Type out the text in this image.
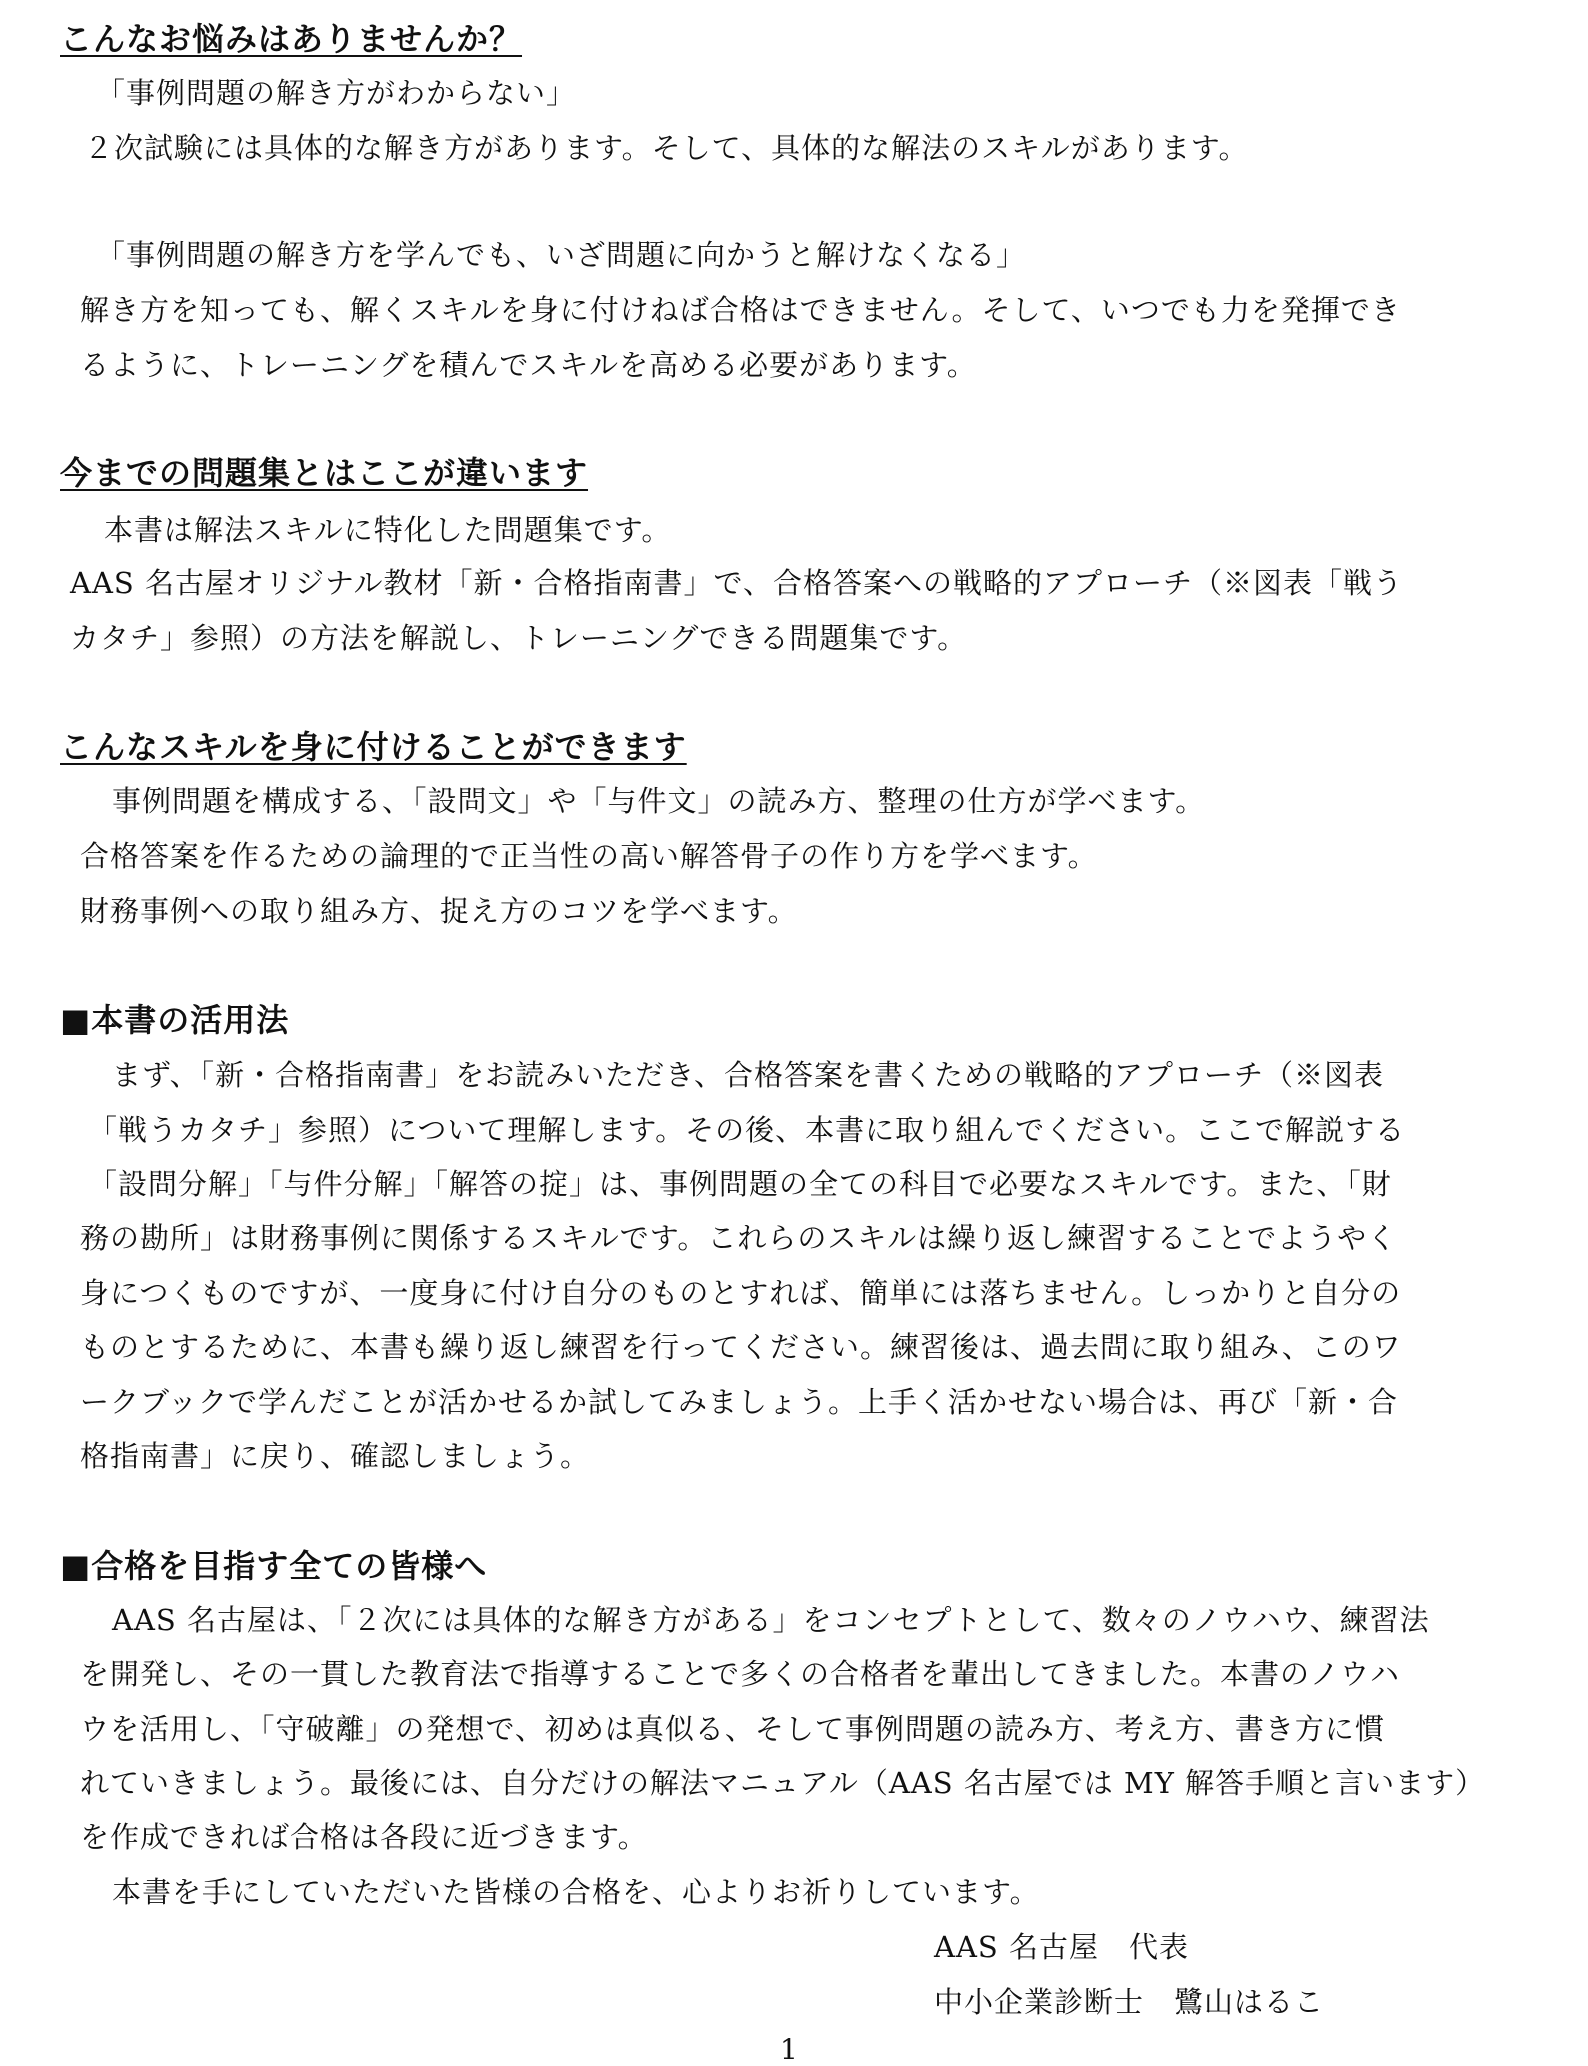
こんなお悩みはありませんか？
「事例問題の解き方がわからない」
２次試験には具体的な解き方があります。そして、具体的な解法のスキルがあります。
「事例問題の解き方を学んでも、いざ問題に向かうと解けなくなる」
解き方を知っても、解くスキルを身に付けねば合格はできません。そして、いつでも力を発揮でき
るように、トレーニングを積んでスキルを高める必要があります。
今までの問題集とはここが違います
本書は解法スキルに特化した問題集です。
AAS 名古屋オリジナル教材「新・合格指南書」で、合格答案への戦略的アプローチ（※図表「戦う
カタチ」参照）の方法を解説し、トレーニングできる問題集です。
こんなスキルを身に付けることができます
事例問題を構成する、「設問文」や「与件文」の読み方、整理の仕方が学べます。
合格答案を作るための論理的で正当性の高い解答骨子の作り方を学べます。
財務事例への取り組み方、捉え方のコツを学べます。
■本書の活用法
まず、「新・合格指南書」をお読みいただき、合格答案を書くための戦略的アプローチ（※図表
「戦うカタチ」参照）について理解します。その後、本書に取り組んでください。ここで解説する
「設問分解」「与件分解」「解答の掟」は、事例問題の全ての科目で必要なスキルです。また、「財
務の勘所」は財務事例に関係するスキルです。これらのスキルは繰り返し練習することでようやく
身につくものですが、一度身に付け自分のものとすれば、簡単には落ちません。しっかりと自分の
ものとするために、本書も繰り返し練習を行ってください。練習後は、過去問に取り組み、このワ
ークブックで学んだことが活かせるか試してみましょう。上手く活かせない場合は、再び「新・合
格指南書」に戻り、確認しましょう。
■合格を目指す全ての皆様へ
AAS 名古屋は、「２次には具体的な解き方がある」をコンセプトとして、数々のノウハウ、練習法
を開発し、その一貫した教育法で指導することで多くの合格者を輩出してきました。本書のノウハ
ウを活用し、「守破離」の発想で、初めは真似る、そして事例問題の読み方、考え方、書き方に慣
れていきましょう。最後には、自分だけの解法マニュアル（AAS 名古屋では MY 解答手順と言います）
を作成できれば合格は各段に近づきます。
本書を手にしていただいた皆様の合格を、心よりお祈りしています。
AAS 名古屋　代表
中小企業診断士　鷺山はるこ
1
